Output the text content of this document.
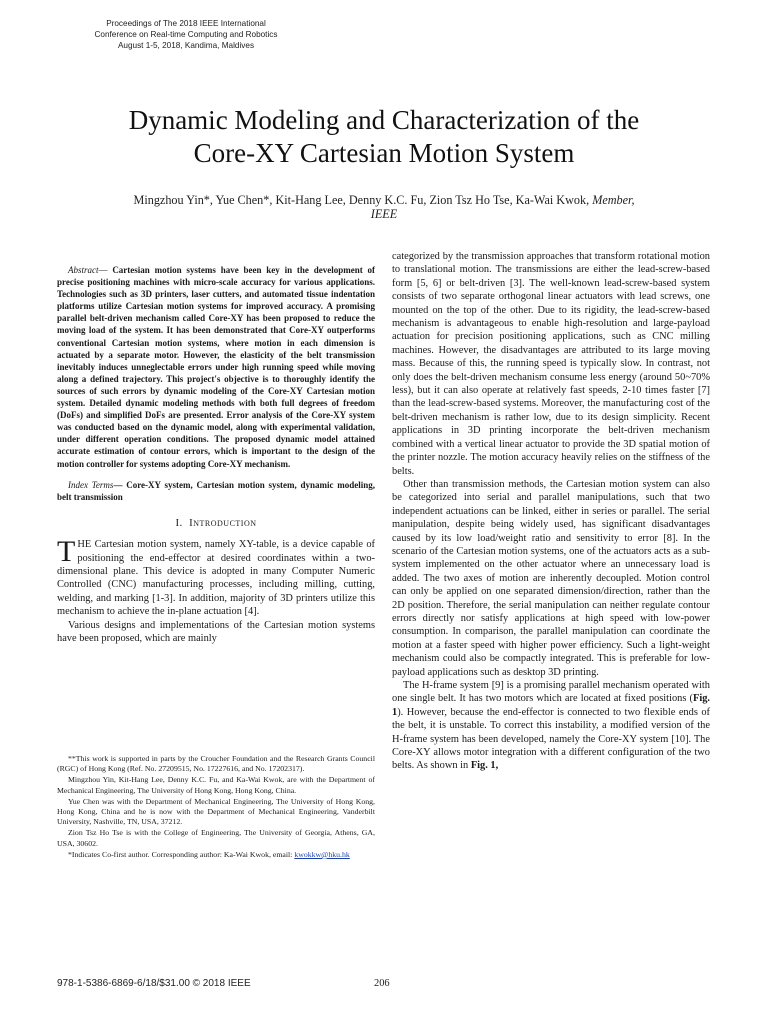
Proceedings of The 2018 IEEE International
Conference on Real-time Computing and Robotics
August 1-5, 2018, Kandima, Maldives
Dynamic Modeling and Characterization of the
Core-XY Cartesian Motion System
Mingzhou Yin*, Yue Chen*, Kit-Hang Lee, Denny K.C. Fu, Zion Tsz Ho Tse, Ka-Wai Kwok, Member,
IEEE

Abstract— Cartesian motion systems have been key in the development of precise positioning machines with micro-scale accuracy for various applications. Technologies such as 3D printers, laser cutters, and automated tissue indentation platforms utilize Cartesian motion systems for improved accuracy. A promising parallel belt-driven mechanism called Core-XY has been proposed to reduce the moving load of the system. It has been demonstrated that Core-XY outperforms conventional Cartesian motion systems, where motion in each dimension is actuated by a separate motor. However, the elasticity of the belt transmission inevitably induces unneglectable errors under high running speed while moving along a defined trajectory. This project's objective is to thoroughly identify the sources of such errors by dynamic modeling of the Core-XY Cartesian motion system. Detailed dynamic modeling methods with both full degrees of freedom (DoFs) and simplified DoFs are presented. Error analysis of the Core-XY system was conducted based on the dynamic model, along with experimental validation, under different operation conditions. The proposed dynamic model attained accurate estimation of contour errors, which is important to the design of the motion controller for systems adopting Core-XY mechanism.

Index Terms— Core-XY system, Cartesian motion system, dynamic modeling, belt transmission

I. Introduction

THE Cartesian motion system, namely XY-table, is a device capable of positioning the end-effector at desired coordinates within a two-dimensional plane. This device is adopted in many Computer Numeric Controlled (CNC) manufacturing processes, including milling, cutting, welding, and marking [1-3]. In addition, majority of 3D printers utilize this mechanism to achieve the in-plane actuation [4].

Various designs and implementations of the Cartesian motion systems have been proposed, which are mainly

**This work is supported in parts by the Croucher Foundation and the Research Grants Council (RGC) of Hong Kong (Ref. No. 27209515, No. 17227616, and No. 17202317).

Mingzhou Yin, Kit-Hang Lee, Denny K.C. Fu, and Ka-Wai Kwok, are with the Department of Mechanical Engineering, The University of Hong Kong, Hong Kong, China.

Yue Chen was with the Department of Mechanical Engineering, The University of Hong Kong, Hong Kong, China and he is now with the Department of Mechanical Engineering, Vanderbilt University, Nashville, TN, USA, 37212.

Zion Tsz Ho Tse is with the College of Engineering, The University of Georgia, Athens, GA, USA, 30602.

*Indicates Co-first author. Corresponding author: Ka-Wai Kwok, email: kwokkw@hku.hk

categorized by the transmission approaches that transform rotational motion to translational motion. The transmissions are either the lead-screw-based form [5, 6] or belt-driven [3]. The well-known lead-screw-based system consists of two separate orthogonal linear actuators with lead screws, one mounted on the top of the other. Due to its rigidity, the lead-screw-based mechanism is advantageous to enable high-resolution and large-payload actuation for precision positioning applications, such as CNC milling machines. However, the disadvantages are attributed to its large moving mass. Because of this, the running speed is typically slow. In contrast, not only does the belt-driven mechanism consume less energy (around 50~70% less), but it can also operate at relatively fast speeds, 2-10 times faster [7] than the lead-screw-based systems. Moreover, the manufacturing cost of the belt-driven mechanism is rather low, due to its design simplicity. Recent applications in 3D printing incorporate the belt-driven mechanism combined with a vertical linear actuator to provide the 3D spatial motion of the printer nozzle. The motion accuracy heavily relies on the stiffness of the belts.

Other than transmission methods, the Cartesian motion system can also be categorized into serial and parallel manipulations, such that two independent actuations can be linked, either in series or parallel. The serial manipulation, despite being widely used, has significant disadvantages caused by its low load/weight ratio and sensitivity to error [8]. In the scenario of the Cartesian motion systems, one of the actuators acts as a sub-system implemented on the other actuator where an unnecessary load is added. The two axes of motion are inherently decoupled. Motion control can only be applied on one separated dimension/direction, rather than the 2D position. Therefore, the serial manipulation can neither regulate contour errors directly nor satisfy applications at high speed with low-power consumption. In comparison, the parallel manipulation can coordinate the motion at a faster speed with higher power efficiency. Such a light-weight mechanism could also be compactly integrated. This is preferable for low-payload applications such as desktop 3D printing.

The H-frame system [9] is a promising parallel mechanism operated with one single belt. It has two motors which are located at fixed positions (Fig. 1). However, because the end-effector is connected to two flexible ends of the belt, it is unstable. To correct this instability, a modified version of the H-frame system has been developed, namely the Core-XY system [10]. The Core-XY allows motor integration with a different configuration of the two belts. As shown in Fig. 1,

978-1-5386-6869-6/18/$31.00 © 2018 IEEE	206
